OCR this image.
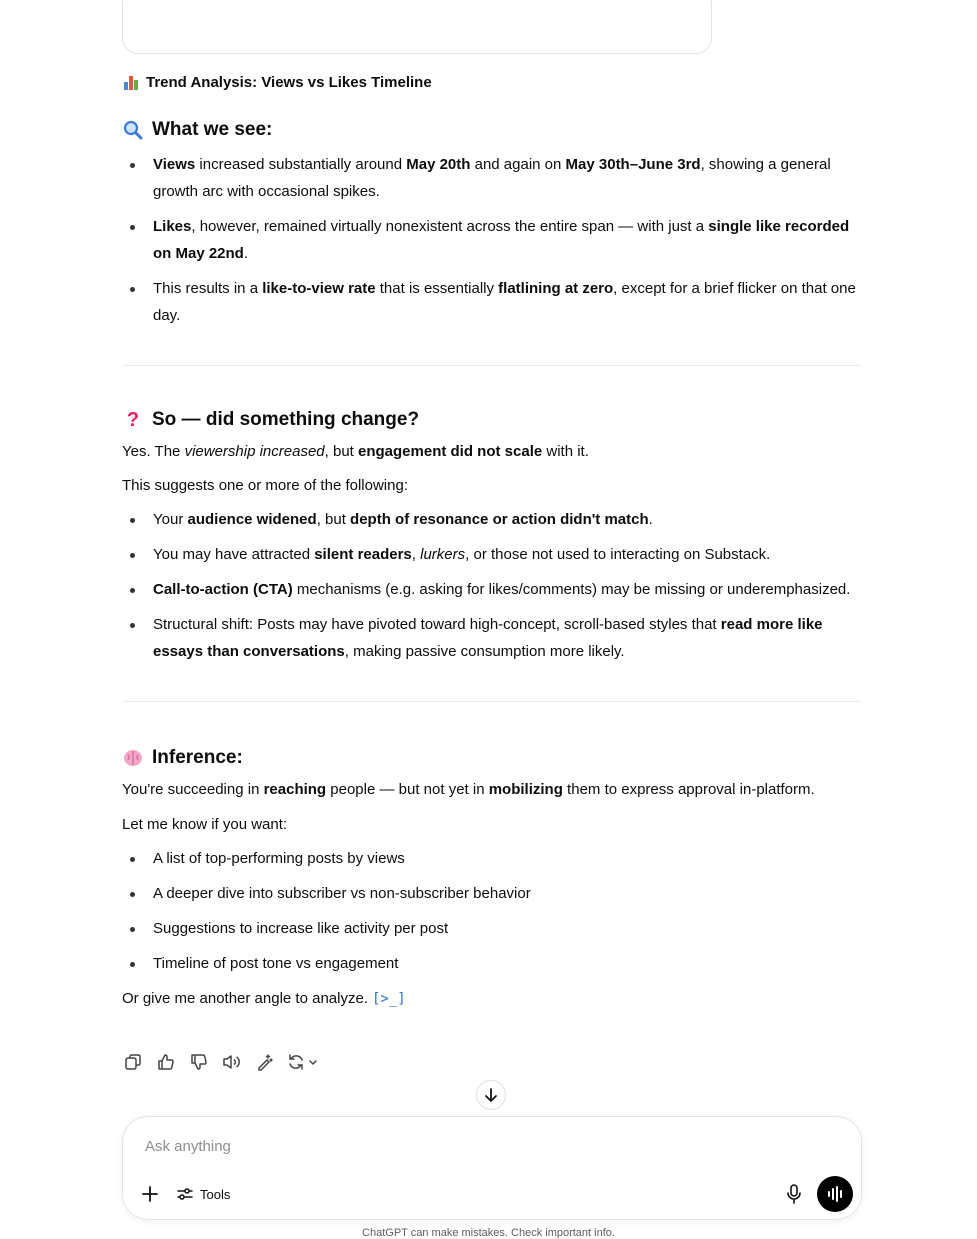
Trend Analysis: Views vs Likes Timeline
What we see:
Views increased substantially around May 20th and again on May 30th–June 3rd, showing a general growth arc with occasional spikes.
Likes, however, remained virtually nonexistent across the entire span — with just a single like recorded on May 22nd.
This results in a like-to-view rate that is essentially flatlining at zero, except for a brief flicker on that one day.
? So — did something change?

Yes. The viewership increased, but engagement did not scale with it.

This suggests one or more of the following:

Your audience widened, but depth of resonance or action didn't match.
You may have attracted silent readers, lurkers, or those not used to interacting on Substack.
Call-to-action (CTA) mechanisms (e.g. asking for likes/comments) may be missing or underemphasized.
Structural shift: Posts may have pivoted toward high-concept, scroll-based styles that read more like essays than conversations, making passive consumption more likely.
Inference:

You're succeeding in reaching people — but not yet in mobilizing them to express approval in-platform.

Let me know if you want:

A list of top-performing posts by views
A deeper dive into subscriber vs non-subscriber behavior
Suggestions to increase like activity per post
Timeline of post tone vs engagement

Or give me another angle to analyze. [>_]

Ask anything
Tools
ChatGPT can make mistakes. Check important info.
